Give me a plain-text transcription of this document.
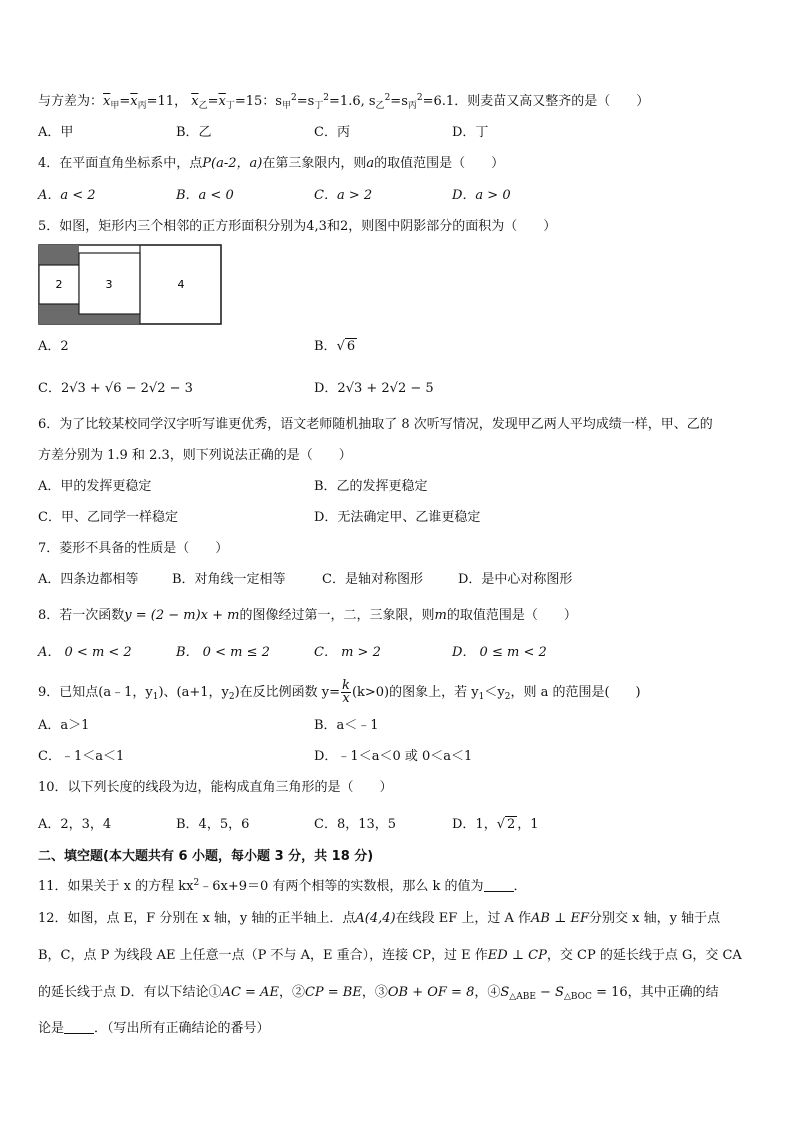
与方差为：$\overline{x}_甲=\overline{x}_丙=11$， $\overline{x}_乙=\overline{x}_丁=15$：$s_甲^2=s_丁^2=1.6$, $s_乙^2=s_丙^2=6.1$．则麦苗又高又整齐的是（　　）
A．甲	B．乙	C．丙	D．丁
4．在平面直角坐标系中，点P(a-2，a)在第三象限内，则a的取值范围是（　　）
A．a < 2	B．a < 0	C．a > 2	D．a > 0
5．如图，矩形内三个相邻的正方形面积分别为4,3和2，则图中阴影部分的面积为（　　）
2	3	4
A．2	B．√ 6
C．2√3 + √6 − 2√2 − 3	D．2√3 + 2√2 − 5
6．为了比较某校同学汉字听写谁更优秀，语文老师随机抽取了 8 次听写情况，发现甲乙两人平均成绩一样，甲、乙的
方差分别为 1.9 和 2.3，则下列说法正确的是（　　）
A．甲的发挥更稳定	B．乙的发挥更稳定
C．甲、乙同学一样稳定	D．无法确定甲、乙谁更稳定
7．菱形不具备的性质是（　　）
A．四条边都相等	B．对角线一定相等	C．是轴对称图形	D．是中心对称图形
8．若一次函数y = (2 − m)x + m的图像经过第一，二，三象限，则m的取值范围是（　　）
A． 0 < m < 2	B． 0 < m ≤ 2	C． m > 2	D． 0 ≤ m < 2
9．已知点(a﹣1，$y_1$)、(a+1，$y_2$)在反比例函数 $y= \frac{k}{x} (k>0)$的图象上，若 $y_1<y_2$，则 a 的范围是(　　)
A．a＞1	B．a＜﹣1
C．﹣1＜a＜1	D．﹣1＜a＜0 或 0＜a＜1
10．以下列长度的线段为边，能构成直角三角形的是（　　）
A．2，3，4	B．4，5，6	C．8，13，5	D．1，√ 2 ，1
二、填空题(本大题共有 6 小题，每小题 3 分，共 18 分)
11．如果关于 x 的方程 $kx^2﹣6x+9=0$ 有两个相等的实数根，那么 k 的值为 ．
12．如图，点 E，F 分别在 x 轴，y 轴的正半轴上．点A(4,4)在线段 EF 上，过 A 作AB ⊥ EF分别交 x 轴，y 轴于点
B，C，点 P 为线段 AE 上任意一点（P 不与 A，E 重合），连接 CP，过 E 作ED ⊥ CP，交 CP 的延长线于点 G，交 CA
的延长线于点 D．有以下结论①AC = AE，②CP = BE，③OB + OF = 8，$④S_{\triangle ABE} - S_{\triangle BOC} = 16$，其中正确的结
论是 ．（写出所有正确结论的番号）
